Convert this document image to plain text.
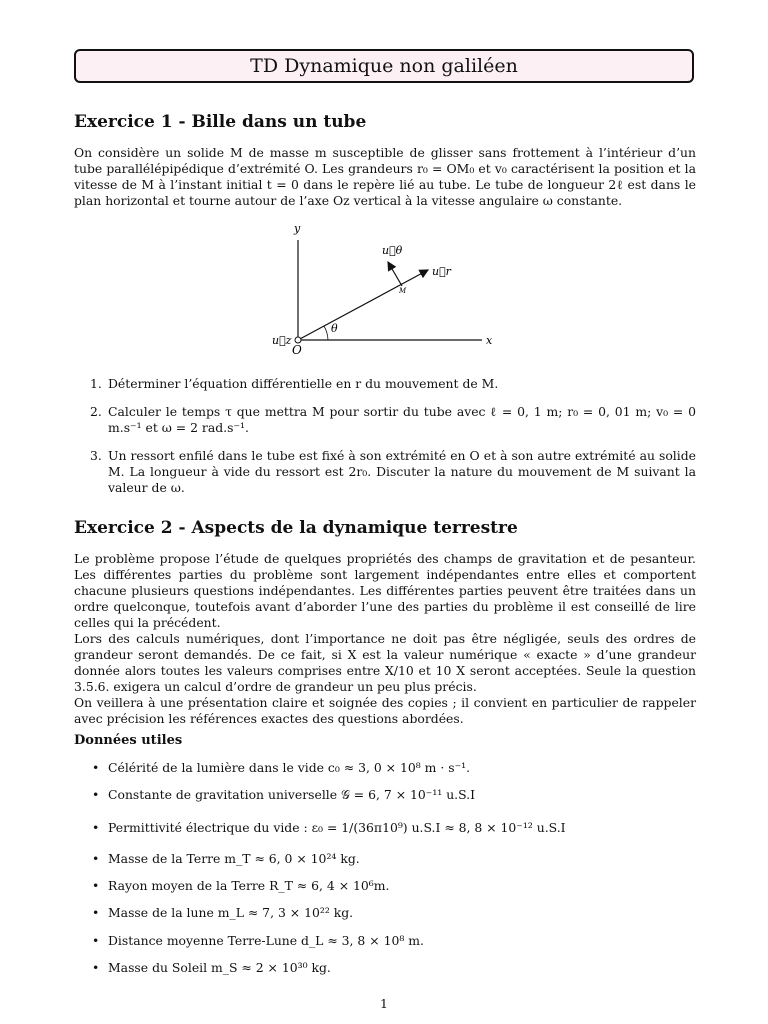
TD Dynamique non galiléen
Exercice 1 - Bille dans un tube
On considère un solide M de masse m susceptible de glisser sans frottement à l’intérieur d’un tube parallélépipédique d’extrémité O. Les grandeurs r₀ = OM₀ et v₀ caractérisent la position et la vitesse de M à l’instant initial t = 0 dans le repère lié au tube. Le tube de longueur 2ℓ est dans le plan horizontal et tourne autour de l’axe Oz vertical à la vitesse angulaire ω constante.
y
x
O
u⃗z
u⃗θ
u⃗r
M
θ
1. Déterminer l’équation différentielle en r du mouvement de M.
2. Calculer le temps τ que mettra M pour sortir du tube avec ℓ = 0, 1 m; r₀ = 0, 01 m; v₀ = 0 m.s⁻¹ et ω = 2 rad.s⁻¹.
3. Un ressort enfilé dans le tube est fixé à son extrémité en O et à son autre extrémité au solide M. La longueur à vide du ressort est 2r₀. Discuter la nature du mouvement de M suivant la valeur de ω.
Exercice 2 - Aspects de la dynamique terrestre

Le problème propose l’étude de quelques propriétés des champs de gravitation et de pesanteur. Les différentes parties du problème sont largement indépendantes entre elles et comportent chacune plusieurs questions indépendantes. Les différentes parties peuvent être traitées dans un ordre quelconque, toutefois avant d’aborder l’une des parties du problème il est conseillé de lire celles qui la précédent.

Lors des calculs numériques, dont l’importance ne doit pas être négligée, seuls des ordres de grandeur seront demandés. De ce fait, si X est la valeur numérique « exacte » d’une grandeur donnée alors toutes les valeurs comprises entre X/10 et 10 X seront acceptées. Seule la question 3.5.6. exigera un calcul d’ordre de grandeur un peu plus précis.

On veillera à une présentation claire et soignée des copies ; il convient en particulier de rappeler avec précision les références exactes des questions abordées.

Données utiles
• Célérité de la lumière dans le vide c₀ ≈ 3, 0 × 10⁸ m · s⁻¹.
• Constante de gravitation universelle 𝒢 = 6, 7 × 10⁻¹¹ u.S.I
• Permittivité électrique du vide : ε₀ = 1/(36π10⁹) u.S.I ≈ 8, 8 × 10⁻¹² u.S.I
• Masse de la Terre m_T ≈ 6, 0 × 10²⁴ kg.
• Rayon moyen de la Terre R_T ≈ 6, 4 × 10⁶m.
• Masse de la lune m_L ≈ 7, 3 × 10²² kg.
• Distance moyenne Terre-Lune d_L ≈ 3, 8 × 10⁸ m.
• Masse du Soleil m_S ≈ 2 × 10³⁰ kg.
1
